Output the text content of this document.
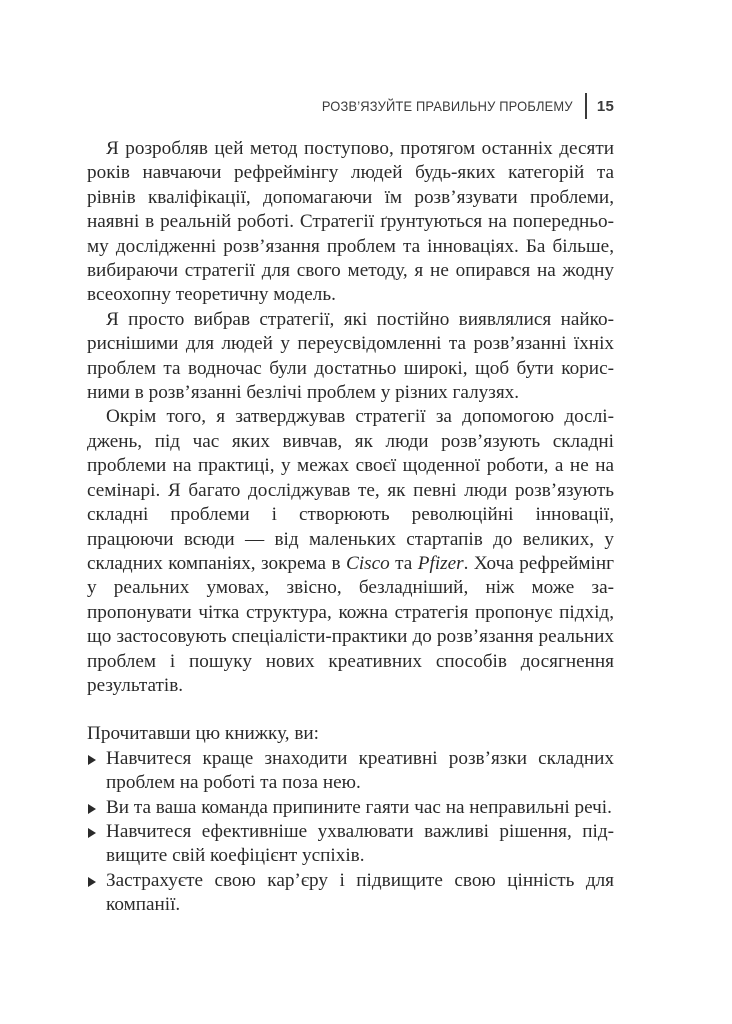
РОЗВ’ЯЗУЙТЕ ПРАВИЛЬНУ ПРОБЛЕМУ 15

Я розробляв цей метод поступово, протягом останніх десяти років навчаючи рефреймінгу людей будь-яких категорій та рівнів кваліфікації, допомагаючи їм розв’язувати проблеми, наявні в реальній роботі. Стратегії ґрунтуються на попередньому дослідженні розв’язання проблем та інноваціях. Ба більше, вибираючи стратегії для свого методу, я не опирався на жодну всеохопну теоретичну модель.

Я просто вибрав стратегії, які постійно виявлялися найкориснішими для людей у переусвідомленні та розв’язанні їхніх проблем та водночас були достатньо широкі, щоб бути корисними в розв’язанні безлічі проблем у різних галузях.

Окрім того, я затверджував стратегії за допомогою досліджень, під час яких вивчав, як люди розв’язують складні проблеми на практиці, у межах своєї щоденної роботи, а не на семінарі. Я багато досліджував те, як певні люди розв’язують складні проблеми і створюють революційні інновації, працюючи всюди — від маленьких стартапів до великих, у складних компаніях, зокрема в Cisco та Pfizer. Хоча рефреймінг у реальних умовах, звісно, безладніший, ніж може запропонувати чітка структура, кожна стратегія пропонує підхід, що застосовують спеціалісти-практики до розв’язання реальних проблем і пошуку нових креативних способів досягнення результатів.

Прочитавши цю книжку, ви:

Навчитеся краще знаходити креативні розв’язки складних проблем на роботі та поза нею.
Ви та ваша команда припините гаяти час на неправильні речі.
Навчитеся ефективніше ухвалювати важливі рішення, підвищите свій коефіцієнт успіхів.
Застрахуєте свою кар’єру і підвищите свою цінність для компанії.
